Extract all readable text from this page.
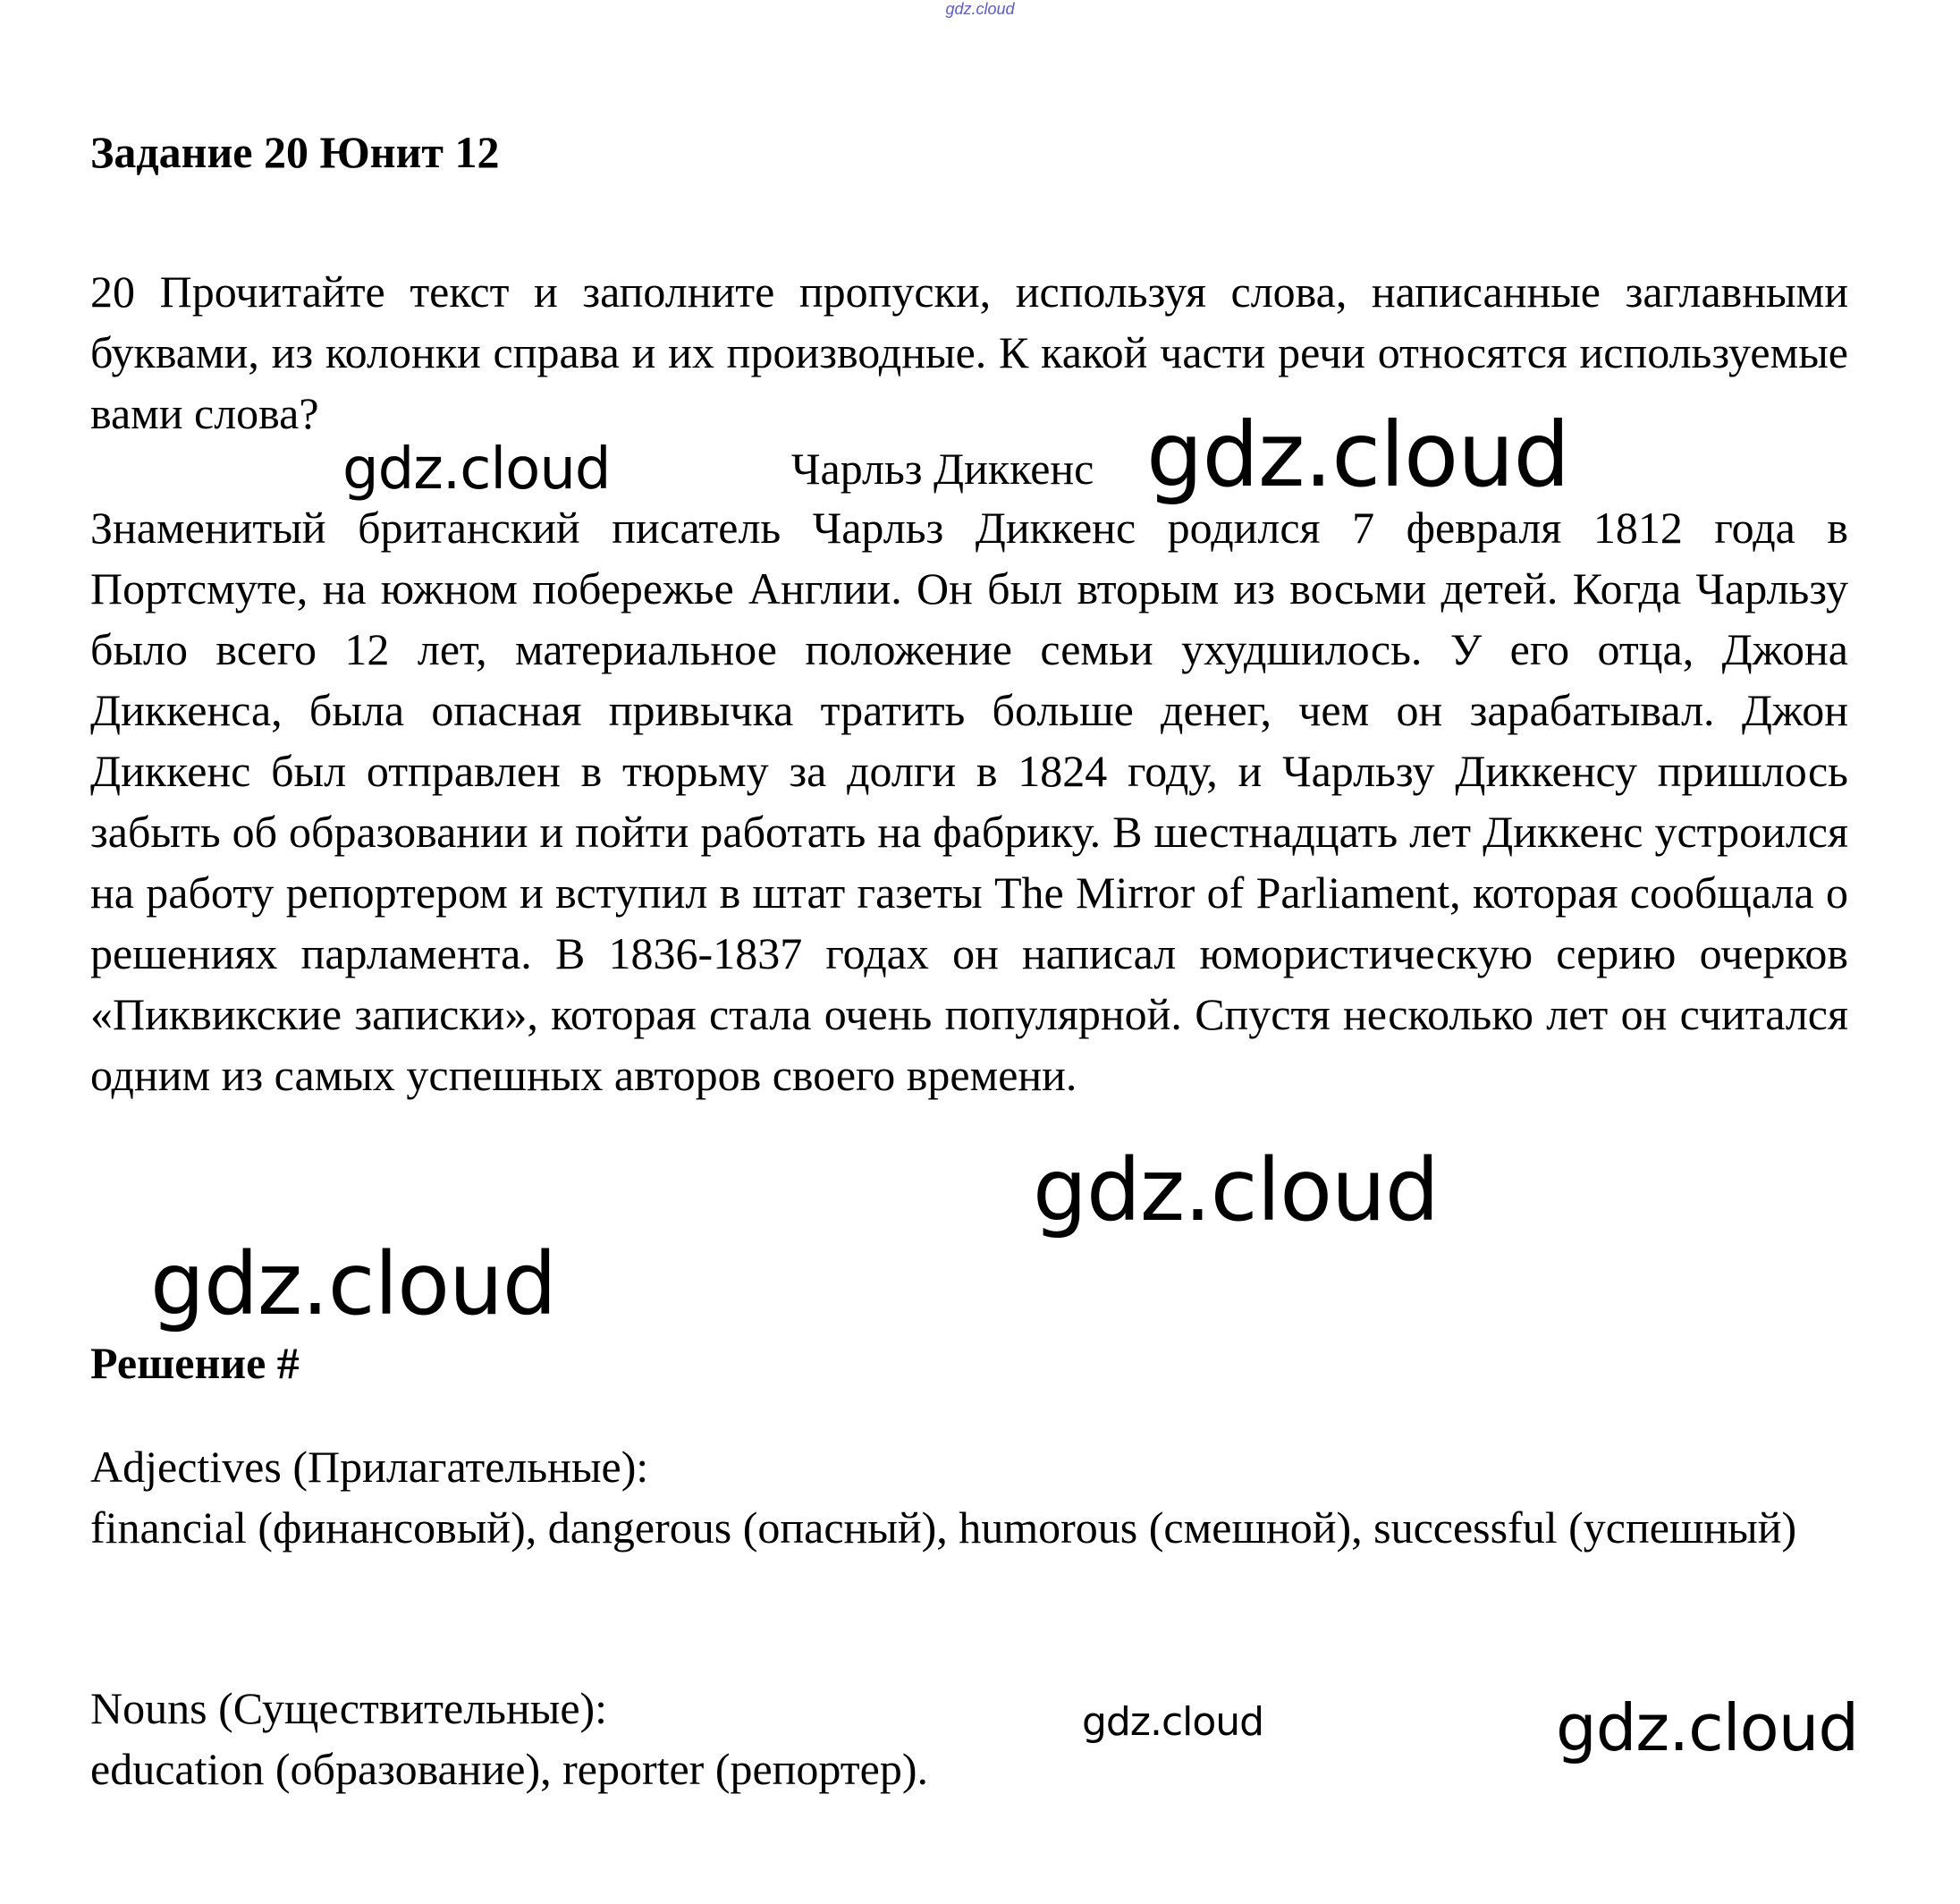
gdz.cloud
Задание 20 Юнит 12

20 Прочитайте текст и заполните пропуски, используя слова, написанные заглавными буквами, из колонки справа и их производные. К какой части речи относятся используемые вами слова?

Чарльз Диккенс

Знаменитый британский писатель Чарльз Диккенс родился 7 февраля 1812 года в Портсмуте, на южном побережье Англии. Он был вторым из восьми детей. Когда Чарльзу было всего 12 лет, материальное положение семьи ухудшилось. У его отца, Джона Диккенса, была опасная привычка тратить больше денег, чем он зарабатывал. Джон Диккенс был отправлен в тюрьму за долги в 1824 году, и Чарльзу Диккенсу пришлось забыть об образовании и пойти работать на фабрику. В шестнадцать лет Диккенс устроился на работу репортером и вступил в штат газеты The Mirror of Parliament, которая сообщала о решениях парламента. В 1836-1837 годах он написал юмористическую серию очерков «Пиквикские записки», которая стала очень популярной. Спустя несколько лет он считался одним из самых успешных авторов своего времени.

Решение #
Adjectives (Прилагательные):
financial (финансовый), dangerous (опасный), humorous (смешной), successful (успешный)
Nouns (Существительные):
education (образование), reporter (репортер).
gdz.cloud	gdz.cloud
gdz.cloud
gdz.cloud
gdz.cloud	gdz.cloud
